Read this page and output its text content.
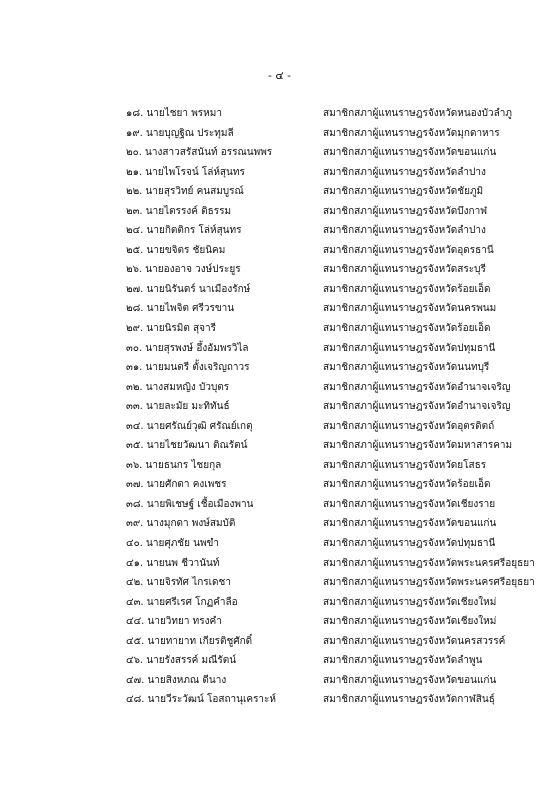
- ๔ -
๑๘. นายไชยา พรหมา	สมาชิกสภาผู้แทนราษฎรจังหวัดหนองบัวลำภู
๑๙. นายบุญฐิณ ประทุมลี	สมาชิกสภาผู้แทนราษฎรจังหวัดมุกดาหาร
๒๐. นางสาวสรัสนันท์ อรรณนพพร	สมาชิกสภาผู้แทนราษฎรจังหวัดขอนแก่น
๒๑. นายไพโรจน์ โล่ห์สุนทร	สมาชิกสภาผู้แทนราษฎรจังหวัดลำปาง
๒๒. นายสุรวิทย์ คนสมบูรณ์	สมาชิกสภาผู้แทนราษฎรจังหวัดชัยภูมิ
๒๓. นายไตรรงค์ ติธรรม	สมาชิกสภาผู้แทนราษฎรจังหวัดบึงกาฬ
๒๔. นายกิตติกร โล่ห์สุนทร	สมาชิกสภาผู้แทนราษฎรจังหวัดลำปาง
๒๕. นายขจิตร ชัยนิคม	สมาชิกสภาผู้แทนราษฎรจังหวัดอุดรธานี
๒๖. นายองอาจ วงษ์ประยูร	สมาชิกสภาผู้แทนราษฎรจังหวัดสระบุรี
๒๗. นายนิรันดร์ นาเมืองรักษ์	สมาชิกสภาผู้แทนราษฎรจังหวัดร้อยเอ็ด
๒๘. นายไพจิต ศรีวรขาน	สมาชิกสภาผู้แทนราษฎรจังหวัดนครพนม
๒๙. นายนิรมิต สุจารี	สมาชิกสภาผู้แทนราษฎรจังหวัดร้อยเอ็ด
๓๐. นายสุรพงษ์ อึ้งอัมพรวิไล	สมาชิกสภาผู้แทนราษฎรจังหวัดปทุมธานี
๓๑. นายมนตรี ตั้งเจริญถาวร	สมาชิกสภาผู้แทนราษฎรจังหวัดนนทบุรี
๓๒. นางสมหญิง บัวบุตร	สมาชิกสภาผู้แทนราษฎรจังหวัดอำนาจเจริญ
๓๓. นายละมัย มะทิทันธ์	สมาชิกสภาผู้แทนราษฎรจังหวัดอำนาจเจริญ
๓๔. นายศรัณย์วุฒิ ศรัณย์เกตุ	สมาชิกสภาผู้แทนราษฎรจังหวัดอุตรดิตถ์
๓๕. นายไชยวัฒนา ติณรัตน์	สมาชิกสภาผู้แทนราษฎรจังหวัดมหาสารคาม
๓๖. นายธนกร ไชยกุล	สมาชิกสภาผู้แทนราษฎรจังหวัดยโสธร
๓๗. นายศักดา คงเพชร	สมาชิกสภาผู้แทนราษฎรจังหวัดร้อยเอ็ด
๓๘. นายพิเชษฐ์ เชื้อเมืองพาน	สมาชิกสภาผู้แทนราษฎรจังหวัดเชียงราย
๓๙. นางมุกดา พงษ์สมบัติ	สมาชิกสภาผู้แทนราษฎรจังหวัดขอนแก่น
๔๐. นายศุภชัย นพขำ	สมาชิกสภาผู้แทนราษฎรจังหวัดปทุมธานี
๔๑. นายนพ ชีวานันท์	สมาชิกสภาผู้แทนราษฎรจังหวัดพระนครศรีอยุธยา
๔๒. นายจิรทัศ ไกรเดชา	สมาชิกสภาผู้แทนราษฎรจังหวัดพระนครศรีอยุธยา
๔๓. นายศรีเรศ โกฏคำลือ	สมาชิกสภาผู้แทนราษฎรจังหวัดเชียงใหม่
๔๔. นายวิทยา ทรงคำ	สมาชิกสภาผู้แทนราษฎรจังหวัดเชียงใหม่
๔๕. นายทายาท เกียรติชูศักดิ์	สมาชิกสภาผู้แทนราษฎรจังหวัดนครสวรรค์
๔๖. นายรังสรรค์ มณีรัตน์	สมาชิกสภาผู้แทนราษฎรจังหวัดลำพูน
๔๗. นายสิงหภณ ดีนาง	สมาชิกสภาผู้แทนราษฎรจังหวัดขอนแก่น
๔๘. นายวีระวัฒน์ โอสถานุเคราะห์	สมาชิกสภาผู้แทนราษฎรจังหวัดกาฬสินธุ์
